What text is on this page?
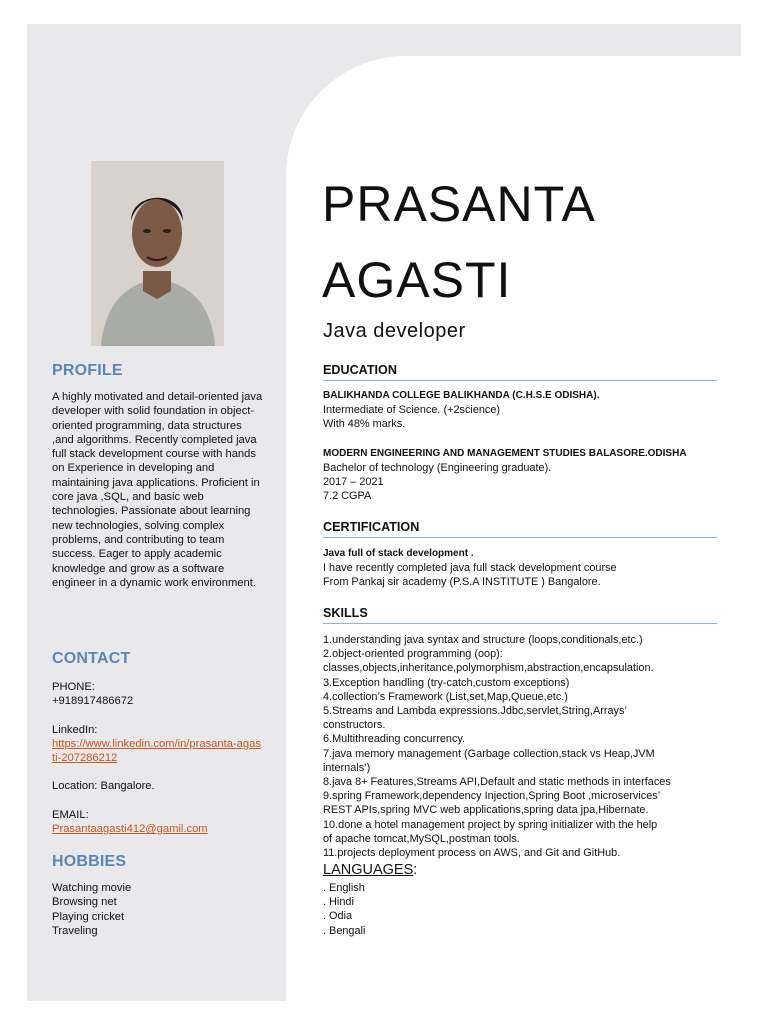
PROFILE
A highly motivated and detail-oriented java developer with solid foundation in object-oriented programming, data structures ,and algorithms. Recently completed java full stack development course with hands on Experience in developing and maintaining java applications. Proficient in core java ,SQL, and basic web technologies. Passionate about learning new technologies, solving complex problems, and contributing to team success. Eager to apply academic knowledge and grow as a software engineer in a dynamic work environment.
CONTACT
PHONE:
+918917486672
LinkedIn:
https://www.linkedin.com/in/prasanta-agasti-207286212
Location: Bangalore.
EMAIL:
Prasantaagasti412@gamil.com
HOBBIES
Watching movie
Browsing net
Playing cricket
Traveling
PRASANTA
AGASTI
Java developer
EDUCATION
BALIKHANDA COLLEGE BALIKHANDA (C.H.S.E ODISHA).
Intermediate of Science. (+2science)
With 48% marks.
MODERN ENGINEERING AND MANAGEMENT STUDIES BALASORE.ODISHA
Bachelor of technology (Engineering graduate).
2017 – 2021
7.2 CGPA
CERTIFICATION
Java full of stack development .
I have recently completed java full stack development course
From Pankaj sir academy (P.S.A INSTITUTE ) Bangalore.
SKILLS
1.understanding java syntax and structure (loops,conditionals,etc.)
2.object-oriented programming (oop):
classes,objects,inheritance,polymorphism,abstraction,encapsulation.
3.Exception handling (try-catch,custom exceptions)
4.collection’s Framework (List,set,Map,Queue,etc.)
5.Streams and Lambda expressions.Jdbc,servlet,String,Arrays’
constructors.
6.Multithreading concurrency.
7.java memory management (Garbage collection,stack vs Heap,JVM
internals’)
8.java 8+ Features,Streams API,Default and static methods in interfaces
9.spring Framework,dependency Injection,Spring Boot ,microservices’
REST APIs,spring MVC web applications,spring data jpa,Hibernate.
10.done a hotel management project by spring initializer with the help
of apache tomcat,MySQL,postman tools.
11.projects deployment process on AWS, and Git and GitHub.
LANGUAGES:
. English
. Hindi
. Odia
. Bengali
